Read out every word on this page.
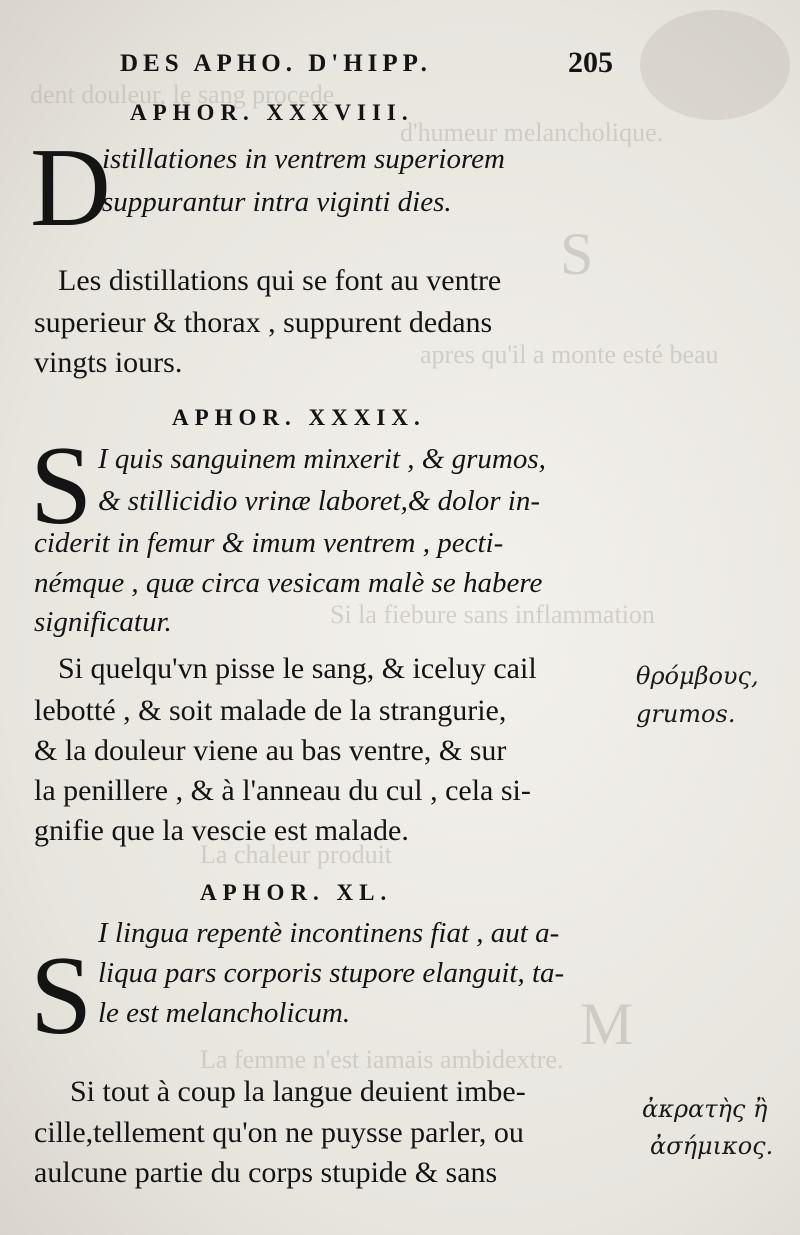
dent douleur, le sang procede
d'humeur melancholique.
S
apres qu'il a monte esté beau
Si la fiebure sans inflammation
La chaleur produit
M
La femme n'est iamais ambidextre.
DES APHO. D'HIPP.	205
APHOR. XXXVIII.
D
istillationes in ventrem superiorem
suppurantur intra viginti dies.
Les distillations qui se font au ventre
superieur & thorax , suppurent dedans
vingts iours.
APHOR. XXXIX.
S I quis sanguinem minxerit , & grumos,
& stillicidio vrinæ laboret,& dolor in-
ciderit in femur & imum ventrem , pecti-
némque , quæ circa vesicam malè se habere
significatur.
Si quelqu'vn pisse le sang, & iceluy cail
lebotté , & soit malade de la strangurie,
& la douleur viene au bas ventre, & sur
la penillere , & à l'anneau du cul , cela si-
gnifie que la vescie est malade.
APHOR. XL.
I lingua repentè incontinens fiat , aut a-
S liqua pars corporis stupore elanguit, ta-
le est melancholicum.
Si tout à coup la langue deuient imbe-
cille,tellement qu'on ne puysse parler, ou
aulcune partie du corps stupide & sans
θρόμβους,
grumos.
ἀκρατὴς ἢ
ἀσήμικος.
